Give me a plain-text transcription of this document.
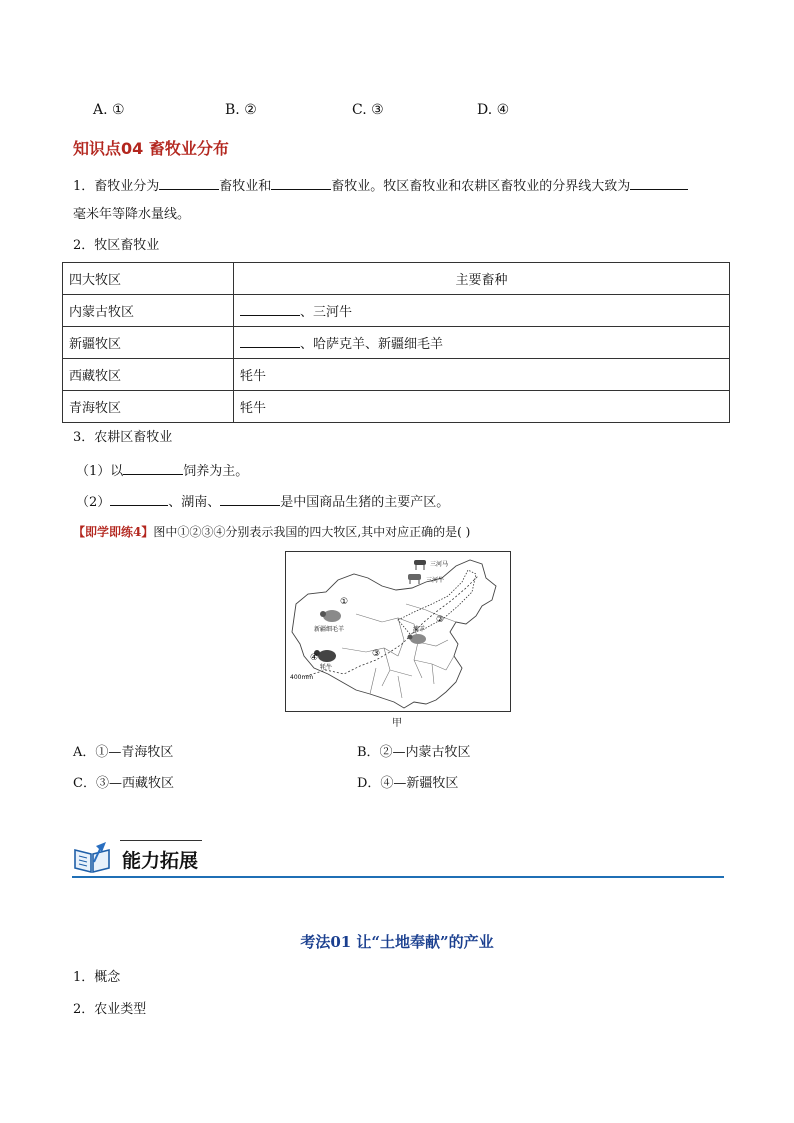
A. ①	B. ②	C. ③	D. ④
知识点04 畜牧业分布
1．畜牧业分为	畜牧业和	畜牧业。牧区畜牧业和农耕区畜牧业的分界线大致为
毫米年等降水量线。
2．牧区畜牧业
四大牧区	主要畜种
内蒙古牧区	、三河牛
新疆牧区	、哈萨克羊、新疆细毛羊
西藏牧区	牦牛
青海牧区	牦牛
3．农耕区畜牧业
（1）以	饲养为主。
（2）	、湖南、	是中国商品生猪的主要产区。
【即学即练4】图中①②③④分别表示我国的四大牧区,其中对应正确的是( )
三河马
三河牛
新疆细毛羊	滩羊
牦牛
400mm
①
②
③
④
甲
A．①—青海牧区	B．②—内蒙古牧区
C．③—西藏牧区	D．④—新疆牧区
能力拓展
考法01 让“土地奉献”的产业
1．概念
2．农业类型
